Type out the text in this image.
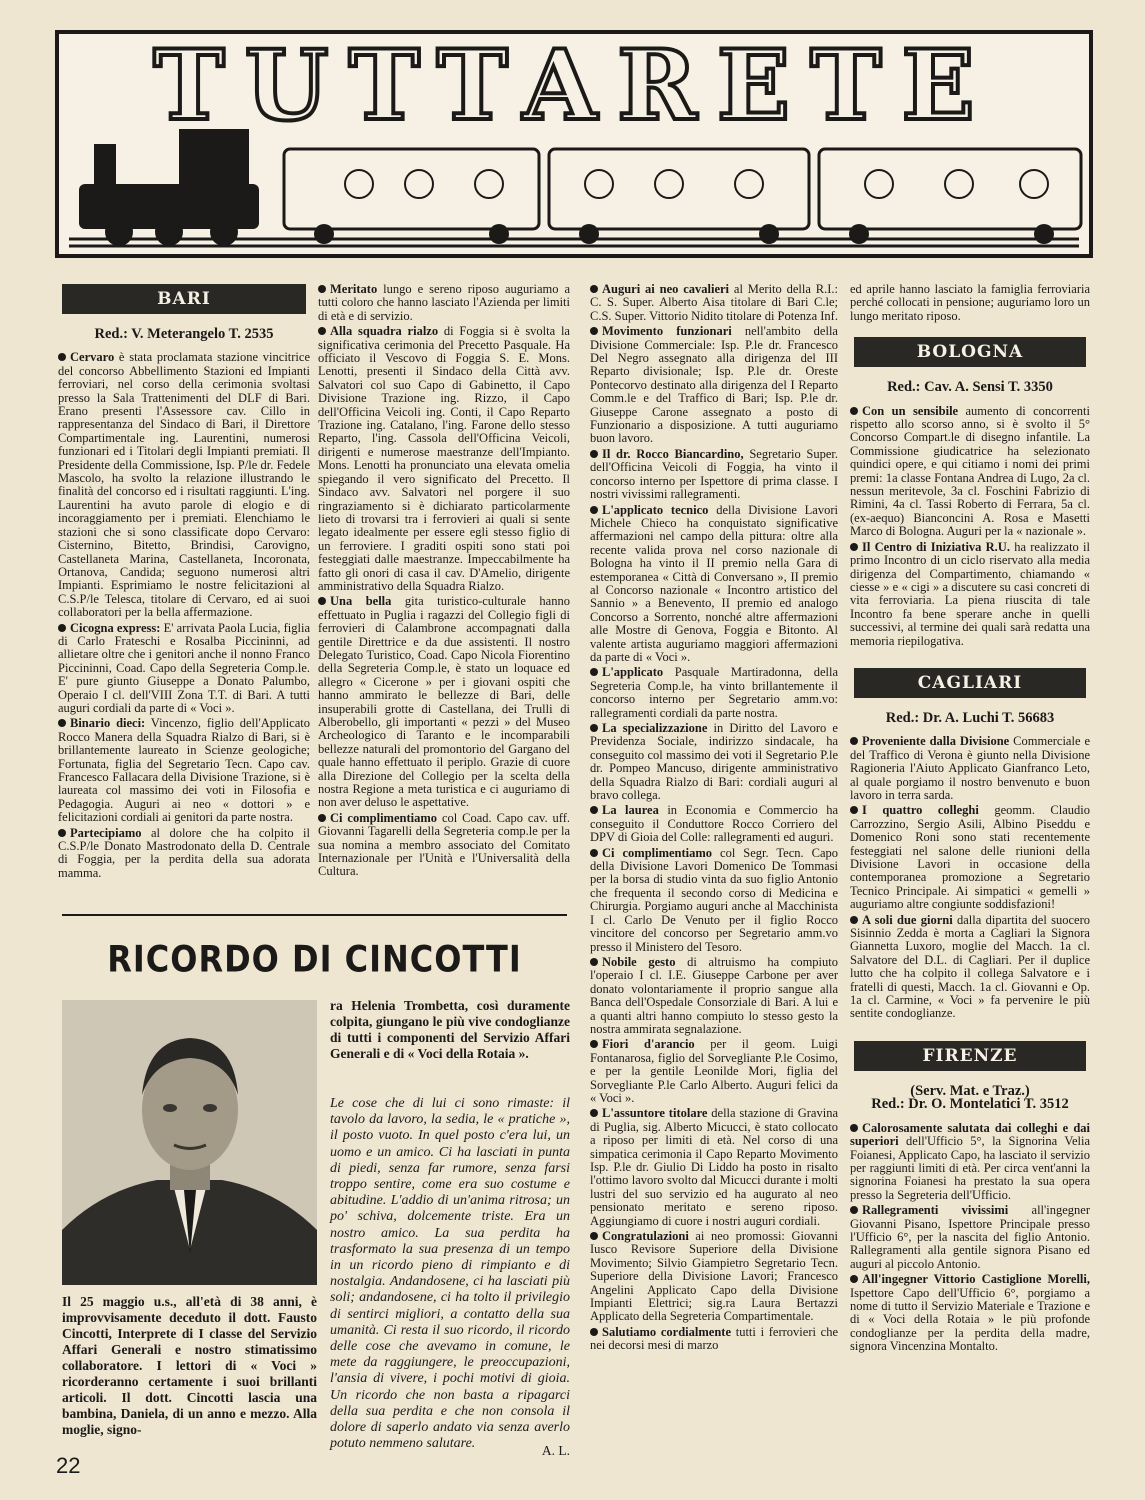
TUTTARETE
BARI
Red.: V. Meterangelo T. 2535

Cervaro è stata proclamata stazione vincitrice del concorso Abbellimento Stazioni ed Impianti ferroviari, nel corso della cerimonia svoltasi presso la Sala Trattenimenti del DLF di Bari. Erano presenti l'Assessore cav. Cillo in rappresentanza del Sindaco di Bari, il Direttore Compartimentale ing. Laurentini, numerosi funzionari ed i Titolari degli Impianti premiati. Il Presidente della Commissione, Isp. P/le dr. Fedele Mascolo, ha svolto la relazione illustrando le finalità del concorso ed i risultati raggiunti. L'ing. Laurentini ha avuto parole di elogio e di incoraggiamento per i premiati. Elenchiamo le stazioni che si sono classificate dopo Cervaro: Cisternino, Bitetto, Brindisi, Carovigno, Castellaneta Marina, Castellaneta, Incoronata, Ortanova, Candida; seguono numerosi altri Impianti. Esprimiamo le nostre felicitazioni al C.S.P/le Telesca, titolare di Cervaro, ed ai suoi collaboratori per la bella affermazione.

Cicogna express: E' arrivata Paola Lucia, figlia di Carlo Frateschi e Rosalba Piccininni, ad allietare oltre che i genitori anche il nonno Franco Piccininni, Coad. Capo della Segreteria Comp.le. E' pure giunto Giuseppe a Donato Palumbo, Operaio I cl. dell'VIII Zona T.T. di Bari. A tutti auguri cordiali da parte di « Voci ».

Binario dieci: Vincenzo, figlio dell'Applicato Rocco Manera della Squadra Rialzo di Bari, si è brillantemente laureato in Scienze geologiche; Fortunata, figlia del Segretario Tecn. Capo cav. Francesco Fallacara della Divisione Trazione, si è laureata col massimo dei voti in Filosofia e Pedagogia. Auguri ai neo « dottori » e felicitazioni cordiali ai genitori da parte nostra.

Partecipiamo al dolore che ha colpito il C.S.P/le Donato Mastrodonato della D. Centrale di Foggia, per la perdita della sua adorata mamma.

Meritato lungo e sereno riposo auguriamo a tutti coloro che hanno lasciato l'Azienda per limiti di età e di servizio.

Alla squadra rialzo di Foggia si è svolta la significativa cerimonia del Precetto Pasquale. Ha officiato il Vescovo di Foggia S. E. Mons. Lenotti, presenti il Sindaco della Città avv. Salvatori col suo Capo di Gabinetto, il Capo Divisione Trazione ing. Rizzo, il Capo dell'Officina Veicoli ing. Conti, il Capo Reparto Trazione ing. Catalano, l'ing. Farone dello stesso Reparto, l'ing. Cassola dell'Officina Veicoli, dirigenti e numerose maestranze dell'Impianto. Mons. Lenotti ha pronunciato una elevata omelia spiegando il vero significato del Precetto. Il Sindaco avv. Salvatori nel porgere il suo ringraziamento si è dichiarato particolarmente lieto di trovarsi tra i ferrovieri ai quali si sente legato idealmente per essere egli stesso figlio di un ferroviere. I graditi ospiti sono stati poi festeggiati dalle maestranze. Impeccabilmente ha fatto gli onori di casa il cav. D'Amelio, dirigente amministrativo della Squadra Rialzo.

Una bella gita turistico-culturale hanno effettuato in Puglia i ragazzi del Collegio figli di ferrovieri di Calambrone accompagnati dalla gentile Direttrice e da due assistenti. Il nostro Delegato Turistico, Coad. Capo Nicola Fiorentino della Segreteria Comp.le, è stato un loquace ed allegro « Cicerone » per i giovani ospiti che hanno ammirato le bellezze di Bari, delle insuperabili grotte di Castellana, dei Trulli di Alberobello, gli importanti « pezzi » del Museo Archeologico di Taranto e le incomparabili bellezze naturali del promontorio del Gargano del quale hanno effettuato il periplo. Grazie di cuore alla Direzione del Collegio per la scelta della nostra Regione a meta turistica e ci auguriamo di non aver deluso le aspettative.

Ci complimentiamo col Coad. Capo cav. uff. Giovanni Tagarelli della Segreteria comp.le per la sua nomina a membro associato del Comitato Internazionale per l'Unità e l'Universalità della Cultura.

Auguri ai neo cavalieri al Merito della R.I.: C. S. Super. Alberto Aisa titolare di Bari C.le; C.S. Super. Vittorio Nidito titolare di Potenza Inf.

Movimento funzionari nell'ambito della Divisione Commerciale: Isp. P.le dr. Francesco Del Negro assegnato alla dirigenza del III Reparto divisionale; Isp. P.le dr. Oreste Pontecorvo destinato alla dirigenza del I Reparto Comm.le e del Traffico di Bari; Isp. P.le dr. Giuseppe Carone assegnato a posto di Funzionario a disposizione. A tutti auguriamo buon lavoro.

Il dr. Rocco Biancardino, Segretario Super. dell'Officina Veicoli di Foggia, ha vinto il concorso interno per Ispettore di prima classe. I nostri vivissimi rallegramenti.

L'applicato tecnico della Divisione Lavori Michele Chieco ha conquistato significative affermazioni nel campo della pittura: oltre alla recente valida prova nel corso nazionale di Bologna ha vinto il II premio nella Gara di estemporanea « Città di Conversano », II premio al Concorso nazionale « Incontro artistico del Sannio » a Benevento, II premio ed analogo Concorso a Sorrento, nonché altre affermazioni alle Mostre di Genova, Foggia e Bitonto. Al valente artista auguriamo maggiori affermazioni da parte di « Voci ».

L'applicato Pasquale Martiradonna, della Segreteria Comp.le, ha vinto brillantemente il concorso interno per Segretario amm.vo: rallegramenti cordiali da parte nostra.

La specializzazione in Diritto del Lavoro e Previdenza Sociale, indirizzo sindacale, ha conseguito col massimo dei voti il Segretario P.le dr. Pompeo Mancuso, dirigente amministrativo della Squadra Rialzo di Bari: cordiali auguri al bravo collega.

La laurea in Economia e Commercio ha conseguito il Conduttore Rocco Corriero del DPV di Gioia del Colle: rallegramenti ed auguri.

Ci complimentiamo col Segr. Tecn. Capo della Divisione Lavori Domenico De Tommasi per la borsa di studio vinta da suo figlio Antonio che frequenta il secondo corso di Medicina e Chirurgia. Porgiamo auguri anche al Macchinista I cl. Carlo De Venuto per il figlio Rocco vincitore del concorso per Segretario amm.vo presso il Ministero del Tesoro.

Nobile gesto di altruismo ha compiuto l'operaio I cl. I.E. Giuseppe Carbone per aver donato volontariamente il proprio sangue alla Banca dell'Ospedale Consorziale di Bari. A lui e a quanti altri hanno compiuto lo stesso gesto la nostra ammirata segnalazione.

Fiori d'arancio per il geom. Luigi Fontanarosa, figlio del Sorvegliante P.le Cosimo, e per la gentile Leonilde Mori, figlia del Sorvegliante P.le Carlo Alberto. Auguri felici da « Voci ».

L'assuntore titolare della stazione di Gravina di Puglia, sig. Alberto Micucci, è stato collocato a riposo per limiti di età. Nel corso di una simpatica cerimonia il Capo Reparto Movimento Isp. P.le dr. Giulio Di Liddo ha posto in risalto l'ottimo lavoro svolto dal Micucci durante i molti lustri del suo servizio ed ha augurato al neo pensionato meritato e sereno riposo. Aggiungiamo di cuore i nostri auguri cordiali.

Congratulazioni ai neo promossi: Giovanni Iusco Revisore Superiore della Divisione Movimento; Silvio Giampietro Segretario Tecn. Superiore della Divisione Lavori; Francesco Angelini Applicato Capo della Divisione Impianti Elettrici; sig.ra Laura Bertazzi Applicato della Segreteria Compartimentale.

Salutiamo cordialmente tutti i ferrovieri che nei decorsi mesi di marzo

ed aprile hanno lasciato la famiglia ferroviaria perché collocati in pensione; auguriamo loro un lungo meritato riposo.

BOLOGNA
Red.: Cav. A. Sensi T. 3350

Con un sensibile aumento di concorrenti rispetto allo scorso anno, si è svolto il 5° Concorso Compart.le di disegno infantile. La Commissione giudicatrice ha selezionato quindici opere, e qui citiamo i nomi dei primi premi: 1a classe Fontana Andrea di Lugo, 2a cl. nessun meritevole, 3a cl. Foschini Fabrizio di Rimini, 4a cl. Tassi Roberto di Ferrara, 5a cl. (ex-aequo) Bianconcini A. Rosa e Masetti Marco di Bologna. Auguri per la « nazionale ».

Il Centro di Iniziativa R.U. ha realizzato il primo Incontro di un ciclo riservato alla media dirigenza del Compartimento, chiamando « ciesse » e « cigi » a discutere su casi concreti di vita ferroviaria. La piena riuscita di tale Incontro fa bene sperare anche in quelli successivi, al termine dei quali sarà redatta una memoria riepilogativa.

CAGLIARI
Red.: Dr. A. Luchi T. 56683

Proveniente dalla Divisione Commerciale e del Traffico di Verona è giunto nella Divisione Ragioneria l'Aiuto Applicato Gianfranco Leto, al quale porgiamo il nostro benvenuto e buon lavoro in terra sarda.

I quattro colleghi geomm. Claudio Carrozzino, Sergio Asili, Albino Piseddu e Domenico Roni sono stati recentemente festeggiati nel salone delle riunioni della Divisione Lavori in occasione della contemporanea promozione a Segretario Tecnico Principale. Ai simpatici « gemelli » auguriamo altre congiunte soddisfazioni!

A soli due giorni dalla dipartita del suocero Sisinnio Zedda è morta a Cagliari la Signora Giannetta Luxoro, moglie del Macch. 1a cl. Salvatore del D.L. di Cagliari. Per il duplice lutto che ha colpito il collega Salvatore e i fratelli di questi, Macch. 1a cl. Giovanni e Op. 1a cl. Carmine, « Voci » fa pervenire le più sentite condoglianze.

FIRENZE
(Serv. Mat. e Traz.)
Red.: Dr. O. Montelatici T. 3512

Calorosamente salutata dai colleghi e dai superiori dell'Ufficio 5°, la Signorina Velia Foianesi, Applicato Capo, ha lasciato il servizio per raggiunti limiti di età. Per circa vent'anni la signorina Foianesi ha prestato la sua opera presso la Segreteria dell'Ufficio.

Rallegramenti vivissimi all'ingegner Giovanni Pisano, Ispettore Principale presso l'Ufficio 6°, per la nascita del figlio Antonio. Rallegramenti alla gentile signora Pisano ed auguri al piccolo Antonio.

All'ingegner Vittorio Castiglione Morelli, Ispettore Capo dell'Ufficio 6°, porgiamo a nome di tutto il Servizio Materiale e Trazione e di « Voci della Rotaia » le più profonde condoglianze per la perdita della madre, signora Vincenzina Montalto.

RICORDO DI CINCOTTI
Il 25 maggio u.s., all'età di 38 anni, è improvvisamente deceduto il dott. Fausto Cincotti, Interprete di I classe del Servizio Affari Generali e nostro stimatissimo collaboratore. I lettori di « Voci » ricorderanno certamente i suoi brillanti articoli. Il dott. Cincotti lascia una bambina, Daniela, di un anno e mezzo. Alla moglie, signo-
ra Helenia Trombetta, così duramente colpita, giungano le più vive condoglianze di tutti i componenti del Servizio Affari Generali e di « Voci della Rotaia ».
Le cose che di lui ci sono rimaste: il tavolo da lavoro, la sedia, le « pratiche », il posto vuoto. In quel posto c'era lui, un uomo e un amico. Ci ha lasciati in punta di piedi, senza far rumore, senza farsi troppo sentire, come era suo costume e abitudine. L'addio di un'anima ritrosa; un po' schiva, dolcemente triste. Era un nostro amico. La sua perdita ha trasformato la sua presenza di un tempo in un ricordo pieno di rimpianto e di nostalgia. Andandosene, ci ha lasciati più soli; andandosene, ci ha tolto il privilegio di sentirci migliori, a contatto della sua umanità. Ci resta il suo ricordo, il ricordo delle cose che avevamo in comune, le mete da raggiungere, le preoccupazioni, l'ansia di vivere, i pochi motivi di gioia. Un ricordo che non basta a ripagarci della sua perdita e che non consola il dolore di saperlo andato via senza averlo potuto nemmeno salutare.	A. L.
22
